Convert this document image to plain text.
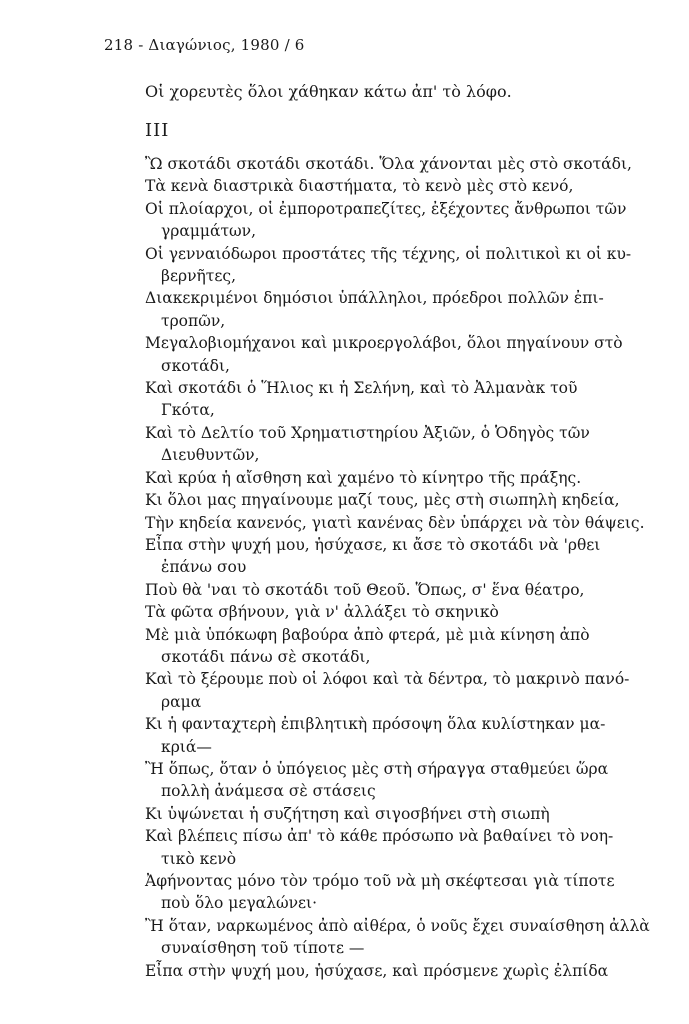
218 - Διαγώνιος, 1980 / 6
Οἱ χορευτὲς ὅλοι χάθηκαν κάτω ἀπ' τὸ λόφο.
III
Ὢ σκοτάδι σκοτάδι σκοτάδι. Ὅλα χάνονται μὲς στὸ σκοτάδι,
Τὰ κενὰ διαστρικὰ διαστήματα, τὸ κενὸ μὲς στὸ κενό,
Οἱ πλοίαρχοι, οἱ ἐμποροτραπεζίτες, ἐξέχοντες ἄνθρωποι τῶν
γραμμάτων,
Οἱ γενναιόδωροι προστάτες τῆς τέχνης, οἱ πολιτικοὶ κι οἱ κυ-
βερνῆτες,
Διακεκριμένοι δημόσιοι ὑπάλληλοι, πρόεδροι πολλῶν ἐπι-
τροπῶν,
Μεγαλοβιομήχανοι καὶ μικροεργολάβοι, ὅλοι πηγαίνουν στὸ
σκοτάδι,
Καὶ σκοτάδι ὁ Ἥλιος κι ἡ Σελήνη, καὶ τὸ Ἀλμανὰκ τοῦ
Γκότα,
Καὶ τὸ Δελτίο τοῦ Χρηματιστηρίου Ἀξιῶν, ὁ Ὁδηγὸς τῶν
Διευθυντῶν,
Καὶ κρύα ἡ αἴσθηση καὶ χαμένο τὸ κίνητρο τῆς πράξης.
Κι ὅλοι μας πηγαίνουμε μαζί τους, μὲς στὴ σιωπηλὴ κηδεία,
Τὴν κηδεία κανενός, γιατὶ κανένας δὲν ὑπάρχει νὰ τὸν θάψεις.
Εἶπα στὴν ψυχή μου, ἡσύχασε, κι ἄσε τὸ σκοτάδι νὰ 'ρθει
ἐπάνω σου
Ποὺ θὰ 'ναι τὸ σκοτάδι τοῦ Θεοῦ. Ὅπως, σ' ἕνα θέατρο,
Τὰ φῶτα σβήνουν, γιὰ ν' ἀλλάξει τὸ σκηνικὸ
Μὲ μιὰ ὑπόκωφη βαβούρα ἀπὸ φτερά, μὲ μιὰ κίνηση ἀπὸ
σκοτάδι πάνω σὲ σκοτάδι,
Καὶ τὸ ξέρουμε ποὺ οἱ λόφοι καὶ τὰ δέντρα, τὸ μακρινὸ πανό-
ραμα
Κι ἡ φανταχτερὴ ἐπιβλητικὴ πρόσοψη ὅλα κυλίστηκαν μα-
κριά—
Ἢ ὅπως, ὅταν ὁ ὑπόγειος μὲς στὴ σήραγγα σταθμεύει ὥρα
πολλὴ ἀνάμεσα σὲ στάσεις
Κι ὑψώνεται ἡ συζήτηση καὶ σιγοσβήνει στὴ σιωπὴ
Καὶ βλέπεις πίσω ἀπ' τὸ κάθε πρόσωπο νὰ βαθαίνει τὸ νοη-
τικὸ κενὸ
Ἀφήνοντας μόνο τὸν τρόμο τοῦ νὰ μὴ σκέφτεσαι γιὰ τίποτε
ποὺ ὅλο μεγαλώνει·
Ἢ ὅταν, ναρκωμένος ἀπὸ αἰθέρα, ὁ νοῦς ἔχει συναίσθηση ἀλλὰ
συναίσθηση τοῦ τίποτε —
Εἶπα στὴν ψυχή μου, ἡσύχασε, καὶ πρόσμενε χωρὶς ἐλπίδα
